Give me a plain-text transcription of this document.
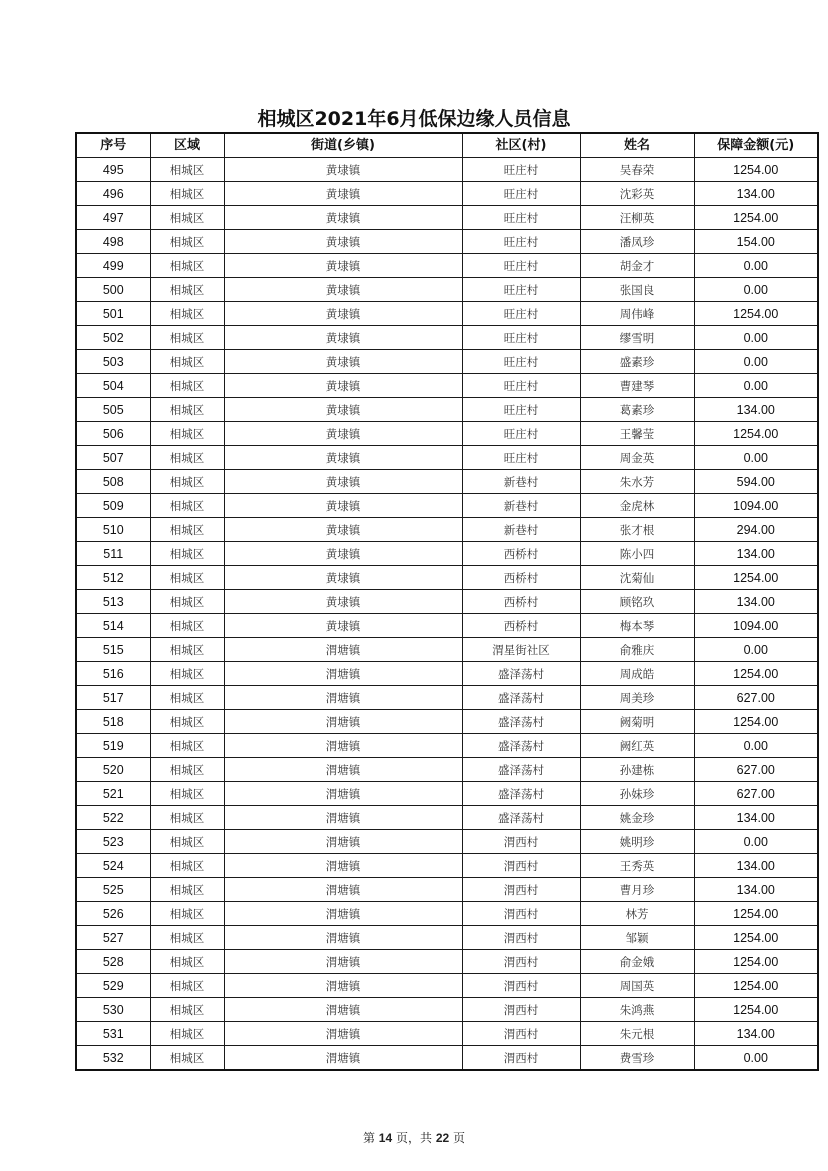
相城区2021年6月低保边缘人员信息
序号	区域	街道(乡镇)	社区(村)	姓名	保障金额(元)
495	相城区	黄埭镇	旺庄村	吴春荣	1254.00
496	相城区	黄埭镇	旺庄村	沈彩英	134.00
497	相城区	黄埭镇	旺庄村	汪柳英	1254.00
498	相城区	黄埭镇	旺庄村	潘凤珍	154.00
499	相城区	黄埭镇	旺庄村	胡金才	0.00
500	相城区	黄埭镇	旺庄村	张国良	0.00
501	相城区	黄埭镇	旺庄村	周伟峰	1254.00
502	相城区	黄埭镇	旺庄村	缪雪明	0.00
503	相城区	黄埭镇	旺庄村	盛素珍	0.00
504	相城区	黄埭镇	旺庄村	曹建琴	0.00
505	相城区	黄埭镇	旺庄村	葛素珍	134.00
506	相城区	黄埭镇	旺庄村	王馨莹	1254.00
507	相城区	黄埭镇	旺庄村	周金英	0.00
508	相城区	黄埭镇	新巷村	朱水芳	594.00
509	相城区	黄埭镇	新巷村	金虎林	1094.00
510	相城区	黄埭镇	新巷村	张才根	294.00
511	相城区	黄埭镇	西桥村	陈小四	134.00
512	相城区	黄埭镇	西桥村	沈菊仙	1254.00
513	相城区	黄埭镇	西桥村	顾铭玖	134.00
514	相城区	黄埭镇	西桥村	梅本琴	1094.00
515	相城区	渭塘镇	渭星街社区	俞雅庆	0.00
516	相城区	渭塘镇	盛泽荡村	周成皓	1254.00
517	相城区	渭塘镇	盛泽荡村	周美珍	627.00
518	相城区	渭塘镇	盛泽荡村	阙菊明	1254.00
519	相城区	渭塘镇	盛泽荡村	阙红英	0.00
520	相城区	渭塘镇	盛泽荡村	孙建栋	627.00
521	相城区	渭塘镇	盛泽荡村	孙妹珍	627.00
522	相城区	渭塘镇	盛泽荡村	姚金珍	134.00
523	相城区	渭塘镇	渭西村	姚明珍	0.00
524	相城区	渭塘镇	渭西村	王秀英	134.00
525	相城区	渭塘镇	渭西村	曹月珍	134.00
526	相城区	渭塘镇	渭西村	林芳	1254.00
527	相城区	渭塘镇	渭西村	邹颖	1254.00
528	相城区	渭塘镇	渭西村	俞金娥	1254.00
529	相城区	渭塘镇	渭西村	周国英	1254.00
530	相城区	渭塘镇	渭西村	朱鸿燕	1254.00
531	相城区	渭塘镇	渭西村	朱元根	134.00
532	相城区	渭塘镇	渭西村	费雪珍	0.00
第 14 页，共 22 页
